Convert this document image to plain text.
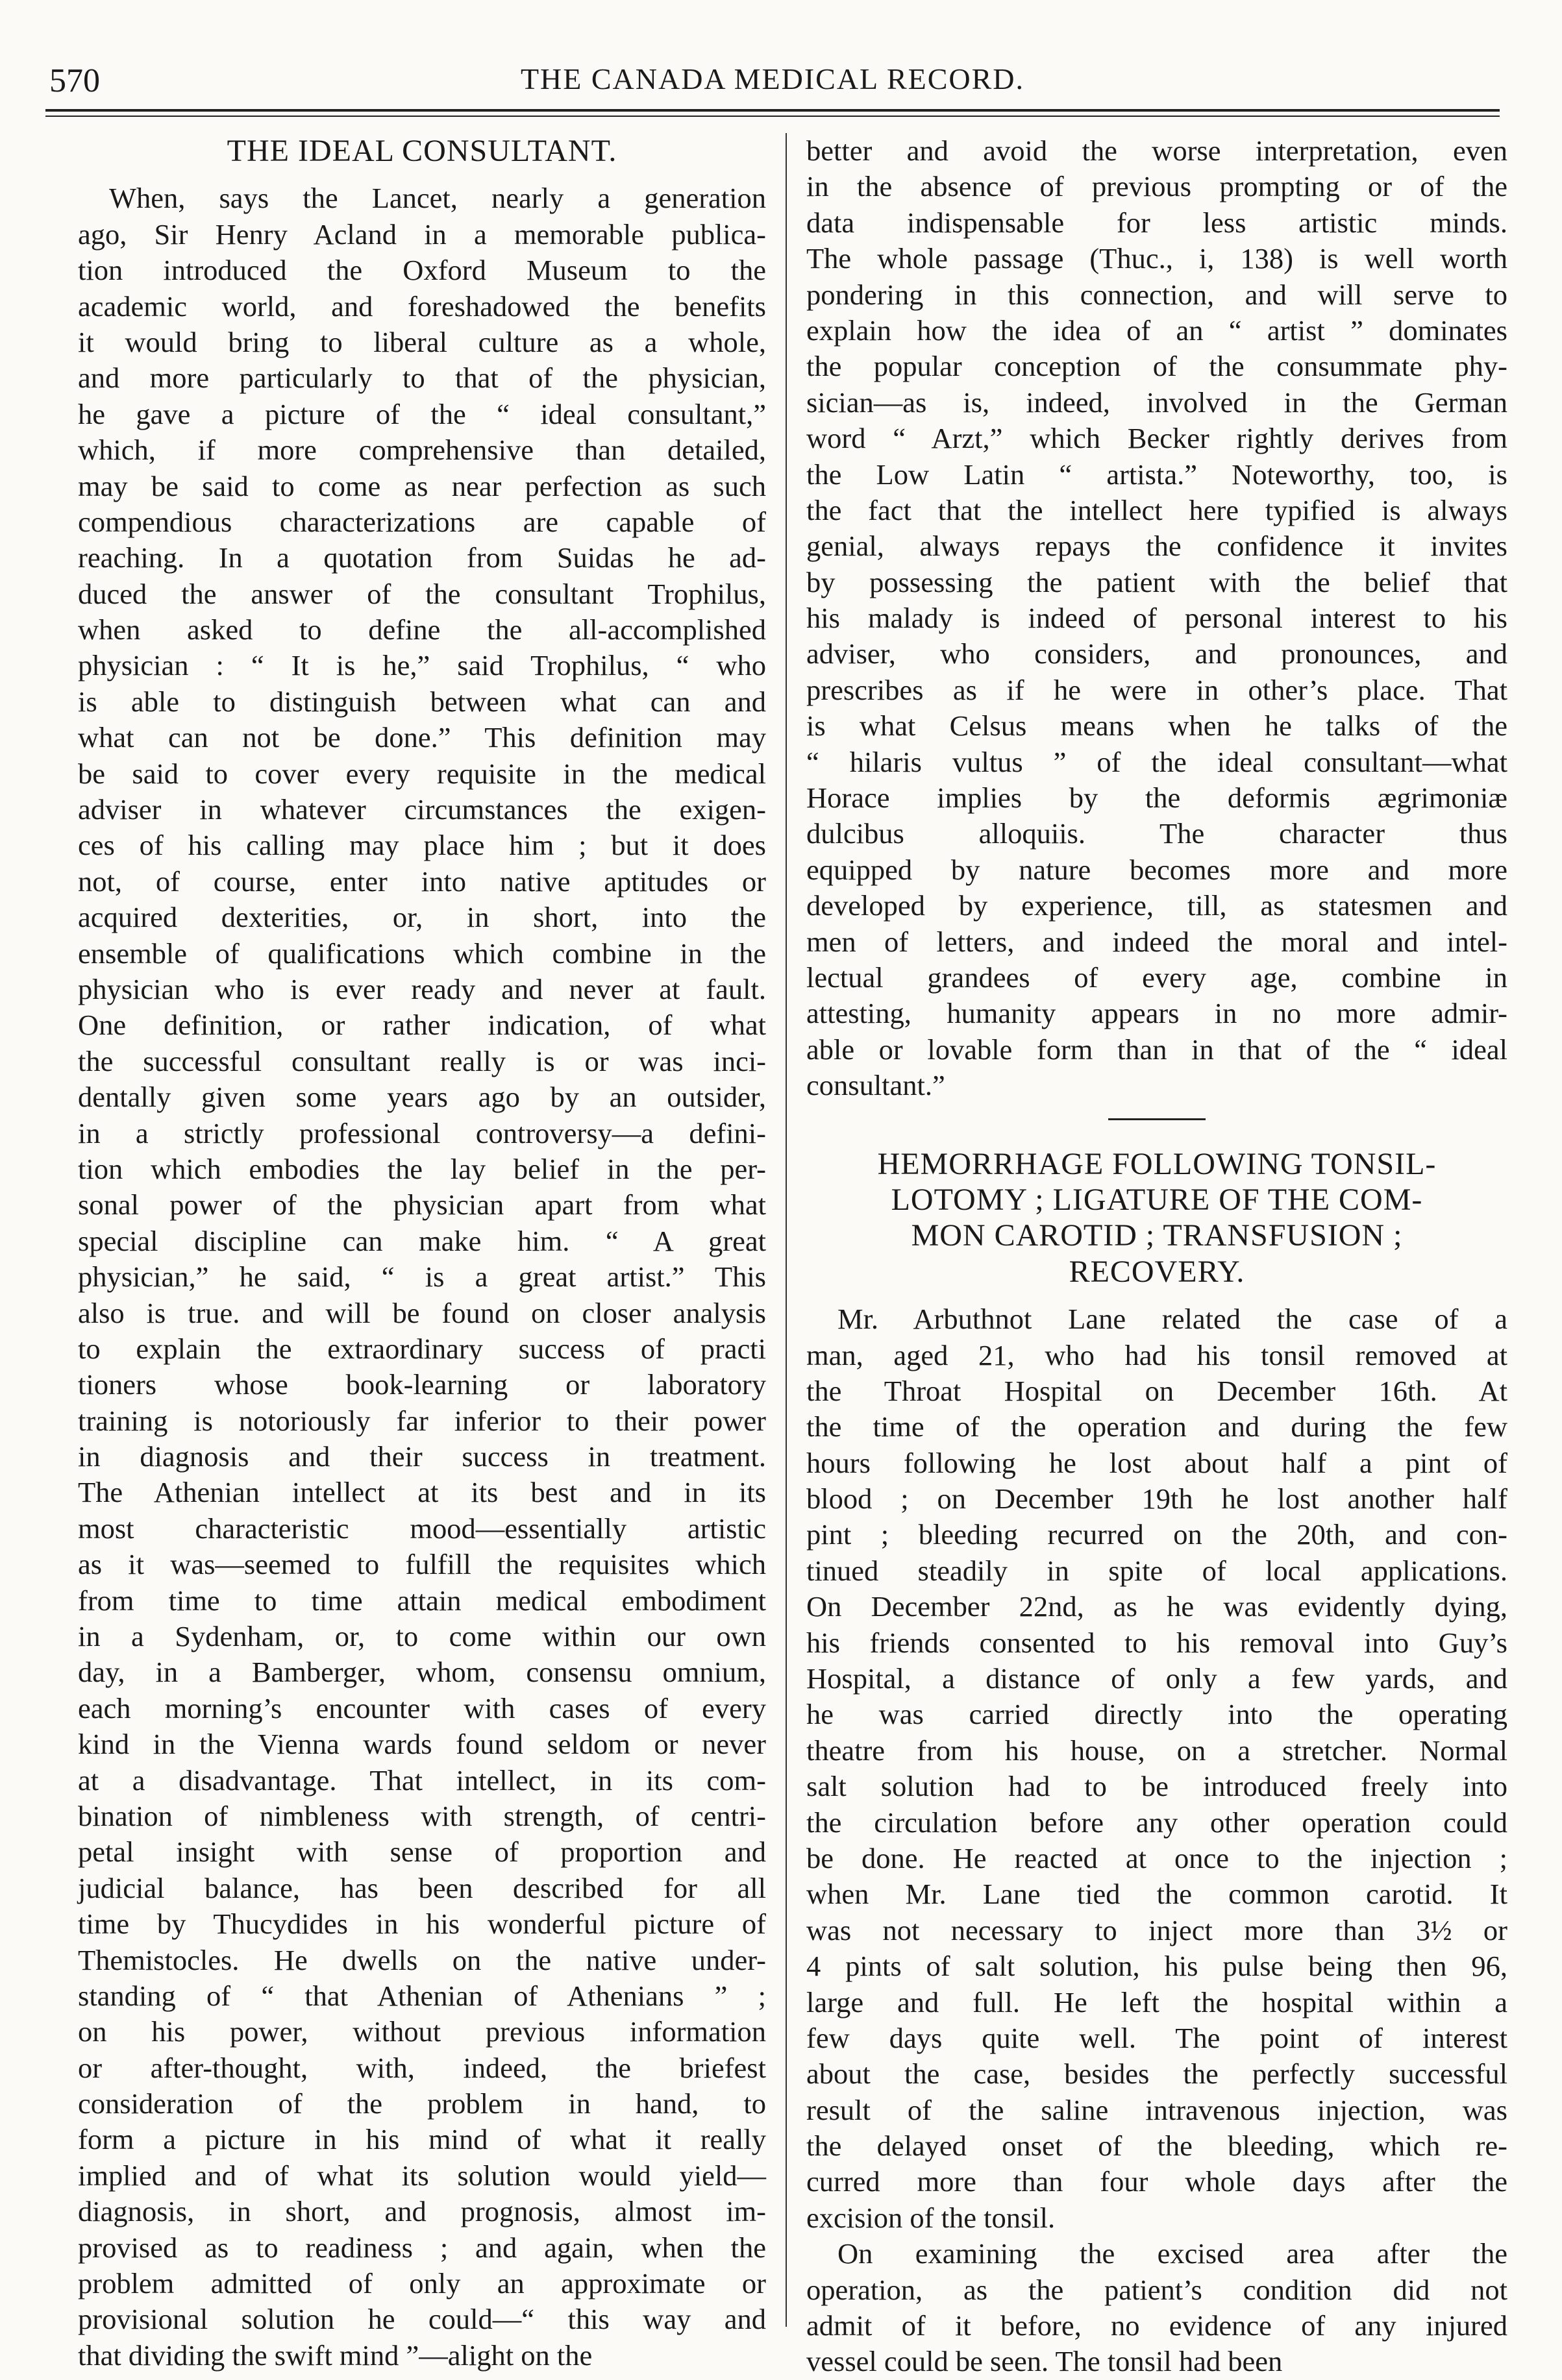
570	THE CANADA MEDICAL RECORD.
THE IDEAL CONSULTANT.
When, says the Lancet, nearly a generation
ago, Sir Henry Acland in a memorable publica-
tion introduced the Oxford Museum to the
academic world, and foreshadowed the benefits
it would bring to liberal culture as a whole,
and more particularly to that of the physician,
he gave a picture of the “ ideal consultant,”
which, if more comprehensive than detailed,
may be said to come as near perfection as such
compendious characterizations are capable of
reaching. In a quotation from Suidas he ad-
duced the answer of the consultant Trophilus,
when asked to define the all-accomplished
physician : “ It is he,” said Trophilus, “ who
is able to distinguish between what can and
what can not be done.” This definition may
be said to cover every requisite in the medical
adviser in whatever circumstances the exigen-
ces of his calling may place him ; but it does
not, of course, enter into native aptitudes or
acquired dexterities, or, in short, into the
ensemble of qualifications which combine in the
physician who is ever ready and never at fault.
One definition, or rather indication, of what
the successful consultant really is or was inci-
dentally given some years ago by an outsider,
in a strictly professional controversy—a defini-
tion which embodies the lay belief in the per-
sonal power of the physician apart from what
special discipline can make him. “ A great
physician,” he said, “ is a great artist.” This
also is true. and will be found on closer analysis
to explain the extraordinary success of practi
tioners whose book-learning or laboratory
training is notoriously far inferior to their power
in diagnosis and their success in treatment.
The Athenian intellect at its best and in its
most characteristic mood—essentially artistic
as it was—seemed to fulfill the requisites which
from time to time attain medical embodiment
in a Sydenham, or, to come within our own
day, in a Bamberger, whom, consensu omnium,
each morning’s encounter with cases of every
kind in the Vienna wards found seldom or never
at a disadvantage. That intellect, in its com-
bination of nimbleness with strength, of centri-
petal insight with sense of proportion and
judicial balance, has been described for all
time by Thucydides in his wonderful picture of
Themistocles. He dwells on the native under-
standing of “ that Athenian of Athenians ” ;
on his power, without previous information
or after-thought, with, indeed, the briefest
consideration of the problem in hand, to
form a picture in his mind of what it really
implied and of what its solution would yield—
diagnosis, in short, and prognosis, almost im-
provised as to readiness ; and again, when the
problem admitted of only an approximate or
provisional solution he could—“ this way and
that dividing the swift mind ”—alight on the
better and avoid the worse interpretation, even
in the absence of previous prompting or of the
data indispensable for less artistic minds.
The whole passage (Thuc., i, 138) is well worth
pondering in this connection, and will serve to
explain how the idea of an “ artist ” dominates
the popular conception of the consummate phy-
sician—as is, indeed, involved in the German
word “ Arzt,” which Becker rightly derives from
the Low Latin “ artista.” Noteworthy, too, is
the fact that the intellect here typified is always
genial, always repays the confidence it invites
by possessing the patient with the belief that
his malady is indeed of personal interest to his
adviser, who considers, and pronounces, and
prescribes as if he were in other’s place. That
is what Celsus means when he talks of the
“ hilaris vultus ” of the ideal consultant—what
Horace implies by the deformis ægrimoniæ
dulcibus alloquiis. The character thus
equipped by nature becomes more and more
developed by experience, till, as statesmen and
men of letters, and indeed the moral and intel-
lectual grandees of every age, combine in
attesting, humanity appears in no more admir-
able or lovable form than in that of the “ ideal
consultant.”
HEMORRHAGE FOLLOWING TONSIL-
LOTOMY ; LIGATURE OF THE COM-
MON CAROTID ; TRANSFUSION ;
RECOVERY.
Mr. Arbuthnot Lane related the case of a
man, aged 21, who had his tonsil removed at
the Throat Hospital on December 16th. At
the time of the operation and during the few
hours following he lost about half a pint of
blood ; on December 19th he lost another half
pint ; bleeding recurred on the 20th, and con-
tinued steadily in spite of local applications.
On December 22nd, as he was evidently dying,
his friends consented to his removal into Guy’s
Hospital, a distance of only a few yards, and
he was carried directly into the operating
theatre from his house, on a stretcher. Normal
salt solution had to be introduced freely into
the circulation before any other operation could
be done. He reacted at once to the injection ;
when Mr. Lane tied the common carotid. It
was not necessary to inject more than 3½ or
4 pints of salt solution, his pulse being then 96,
large and full. He left the hospital within a
few days quite well. The point of interest
about the case, besides the perfectly successful
result of the saline intravenous injection, was
the delayed onset of the bleeding, which re-
curred more than four whole days after the
excision of the tonsil.
On examining the excised area after the
operation, as the patient’s condition did not
admit of it before, no evidence of any injured
vessel could be seen. The tonsil had been
